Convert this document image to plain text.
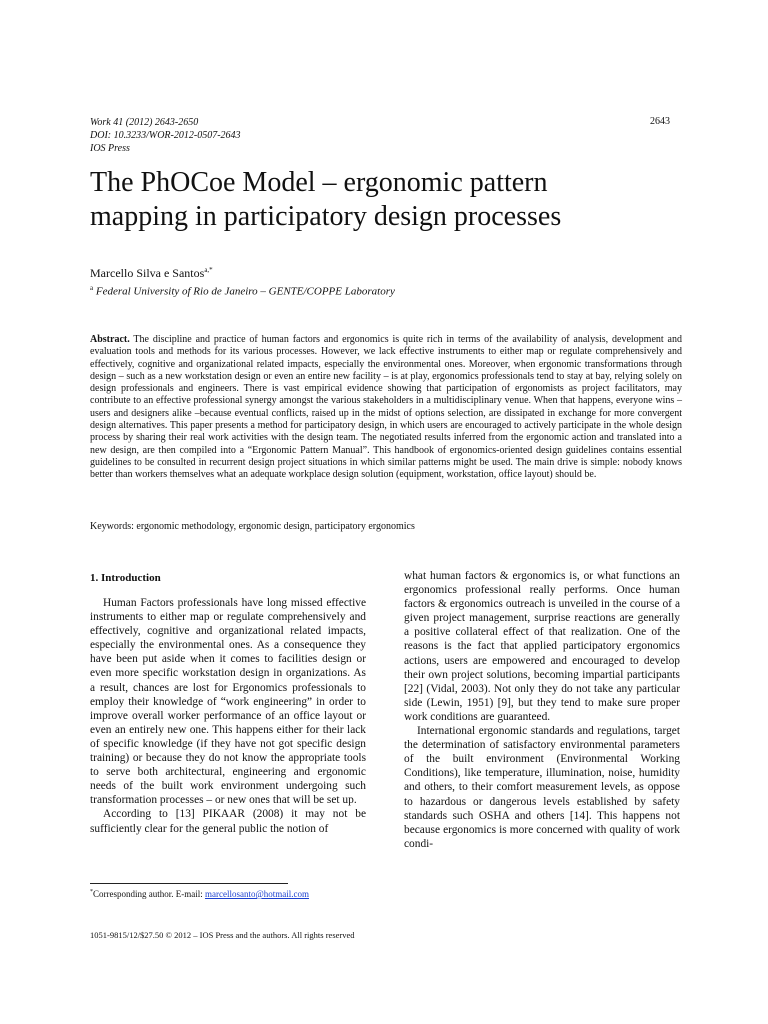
Work 41 (2012) 2643-2650
DOI: 10.3233/WOR-2012-0507-2643
IOS Press
2643
The PhOCoe Model – ergonomic pattern
mapping in participatory design processes
Marcello Silva e Santos$^{a,*}$
$^a$ Federal University of Rio de Janeiro – GENTE/COPPE Laboratory

Abstract. The discipline and practice of human factors and ergonomics is quite rich in terms of the availability of analysis, development and evaluation tools and methods for its various processes. However, we lack effective instruments to either map or regulate comprehensively and effectively, cognitive and organizational related impacts, especially the environmental ones. Moreover, when ergonomic transformations through design – such as a new workstation design or even an entire new facility – is at play, ergonomics professionals tend to stay at bay, relying solely on design professionals and engineers. There is vast empirical evidence showing that participation of ergonomists as project facilitators, may contribute to an effective professional synergy amongst the various stakeholders in a multidisciplinary venue. When that happens, everyone wins – users and designers alike –because eventual conflicts, raised up in the midst of options selection, are dissipated in exchange for more convergent design alternatives. This paper presents a method for participatory design, in which users are encouraged to actively participate in the whole design process by sharing their real work activities with the design team. The negotiated results inferred from the ergonomic action and translated into a new design, are then compiled into a “Ergonomic Pattern Manual”. This handbook of ergonomics-oriented design guidelines contains essential guidelines to be consulted in recurrent design project situations in which similar patterns might be used. The main drive is simple: nobody knows better than workers themselves what an adequate workplace design solution (equipment, workstation, office layout) should be.

Keywords: ergonomic methodology, ergonomic design, participatory ergonomics
1. Introduction

Human Factors professionals have long missed effective instruments to either map or regulate comprehensively and effectively, cognitive and organizational related impacts, especially the environmental ones. As a consequence they have been put aside when it comes to facilities design or even more specific workstation design in organizations. As a result, chances are lost for Ergonomics professionals to employ their knowledge of “work engineering” in order to improve overall worker performance of an office layout or even an entirely new one. This happens either for their lack of specific knowledge (if they have not got specific design training) or because they do not know the appropriate tools to serve both architectural, engineering and ergonomic needs of the built work environment undergoing such transformation processes – or new ones that will be set up.

According to [13] PIKAAR (2008) it may not be sufficiently clear for the general public the notion of

what human factors & ergonomics is, or what functions an ergonomics professional really performs. Once human factors & ergonomics outreach is unveiled in the course of a given project management, surprise reactions are generally a positive collateral effect of that realization. One of the reasons is the fact that applied participatory ergonomics actions, users are empowered and encouraged to develop their own project solutions, becoming impartial participants [22] (Vidal, 2003). Not only they do not take any particular side (Lewin, 1951) [9], but they tend to make sure proper work conditions are guaranteed.

International ergonomic standards and regulations, target the determination of satisfactory environmental parameters of the built environment (Environmental Working Conditions), like temperature, illumination, noise, humidity and others, to their comfort measurement levels, as oppose to hazardous or dangerous levels established by safety standards such OSHA and others [14]. This happens not because ergonomics is more concerned with quality of work condi-

*Corresponding author. E-mail: marcellosanto@hotmail.com
1051-9815/12/$27.50 © 2012 – IOS Press and the authors. All rights reserved
